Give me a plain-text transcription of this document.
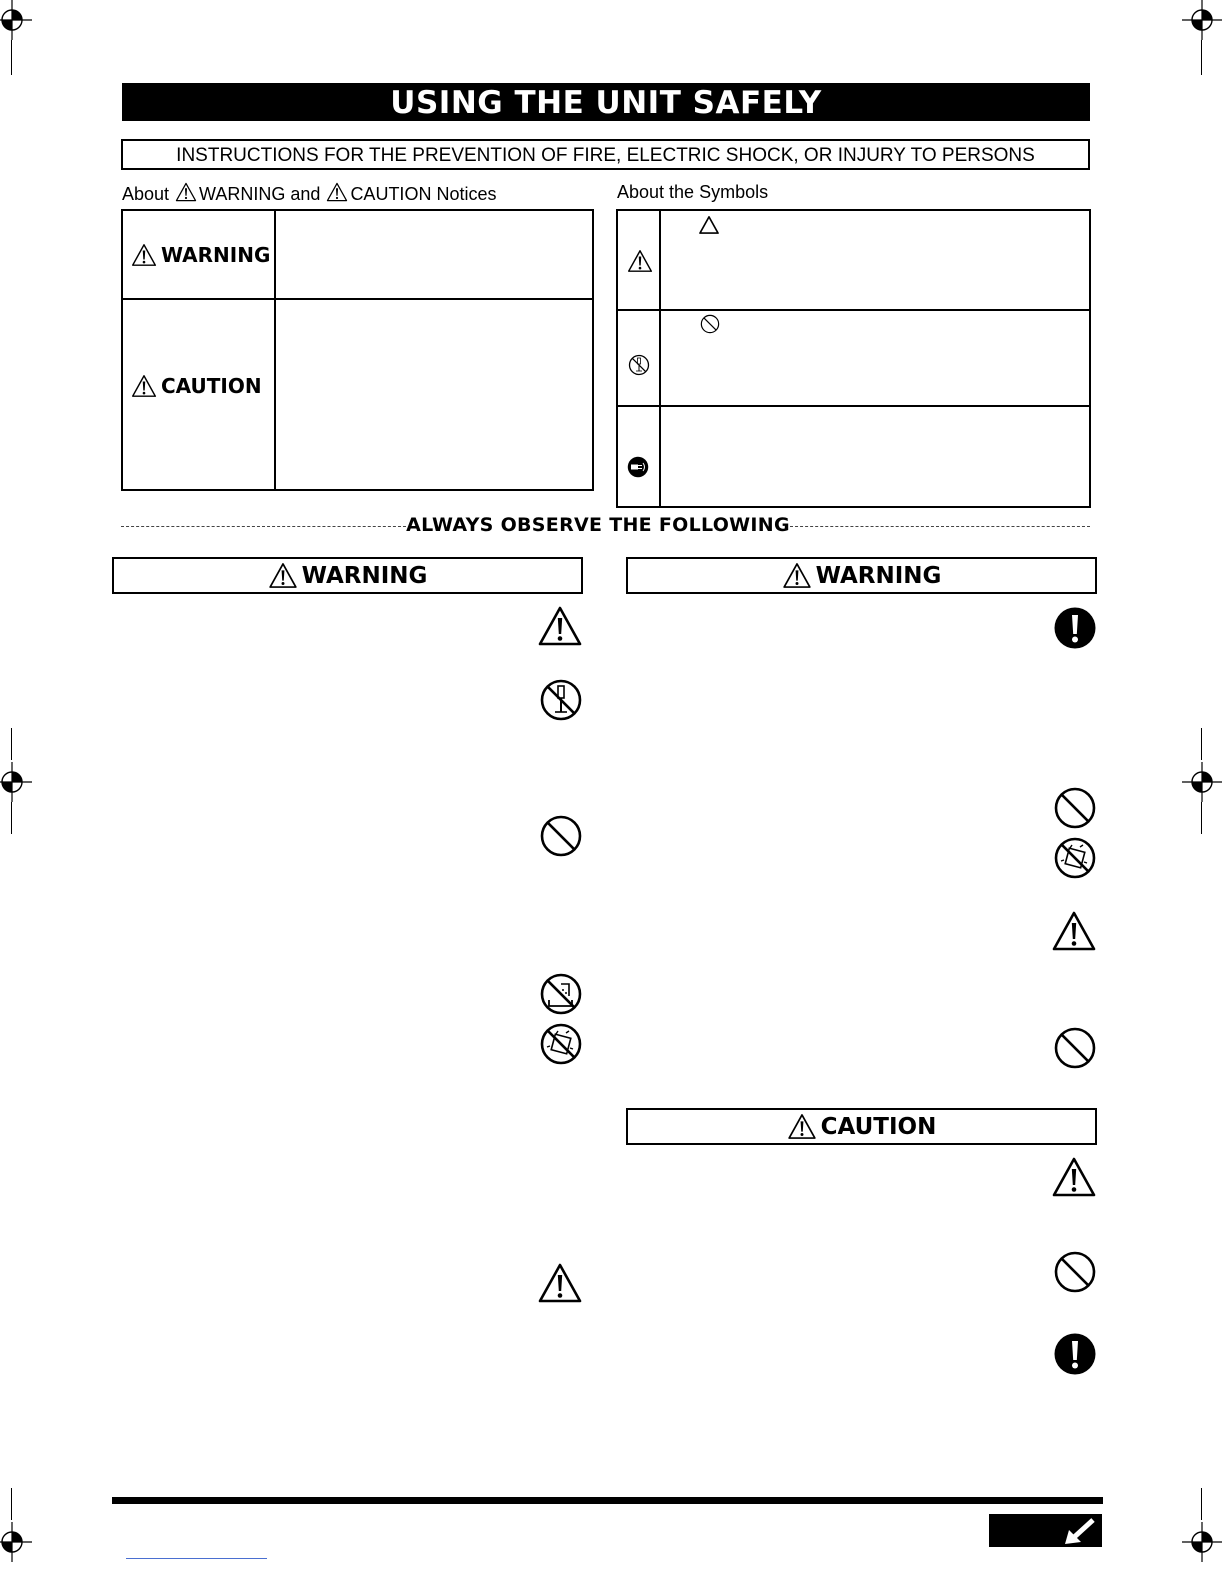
USING THE UNIT SAFELY
INSTRUCTIONS FOR THE PREVENTION OF FIRE, ELECTRIC SHOCK, OR INJURY TO PERSONS
About WARNING and CAUTION Notices	About the Symbols
WARNING
CAUTION
ALWAYS OBSERVE THE FOLLOWING
WARNING	WARNING
CAUTION
